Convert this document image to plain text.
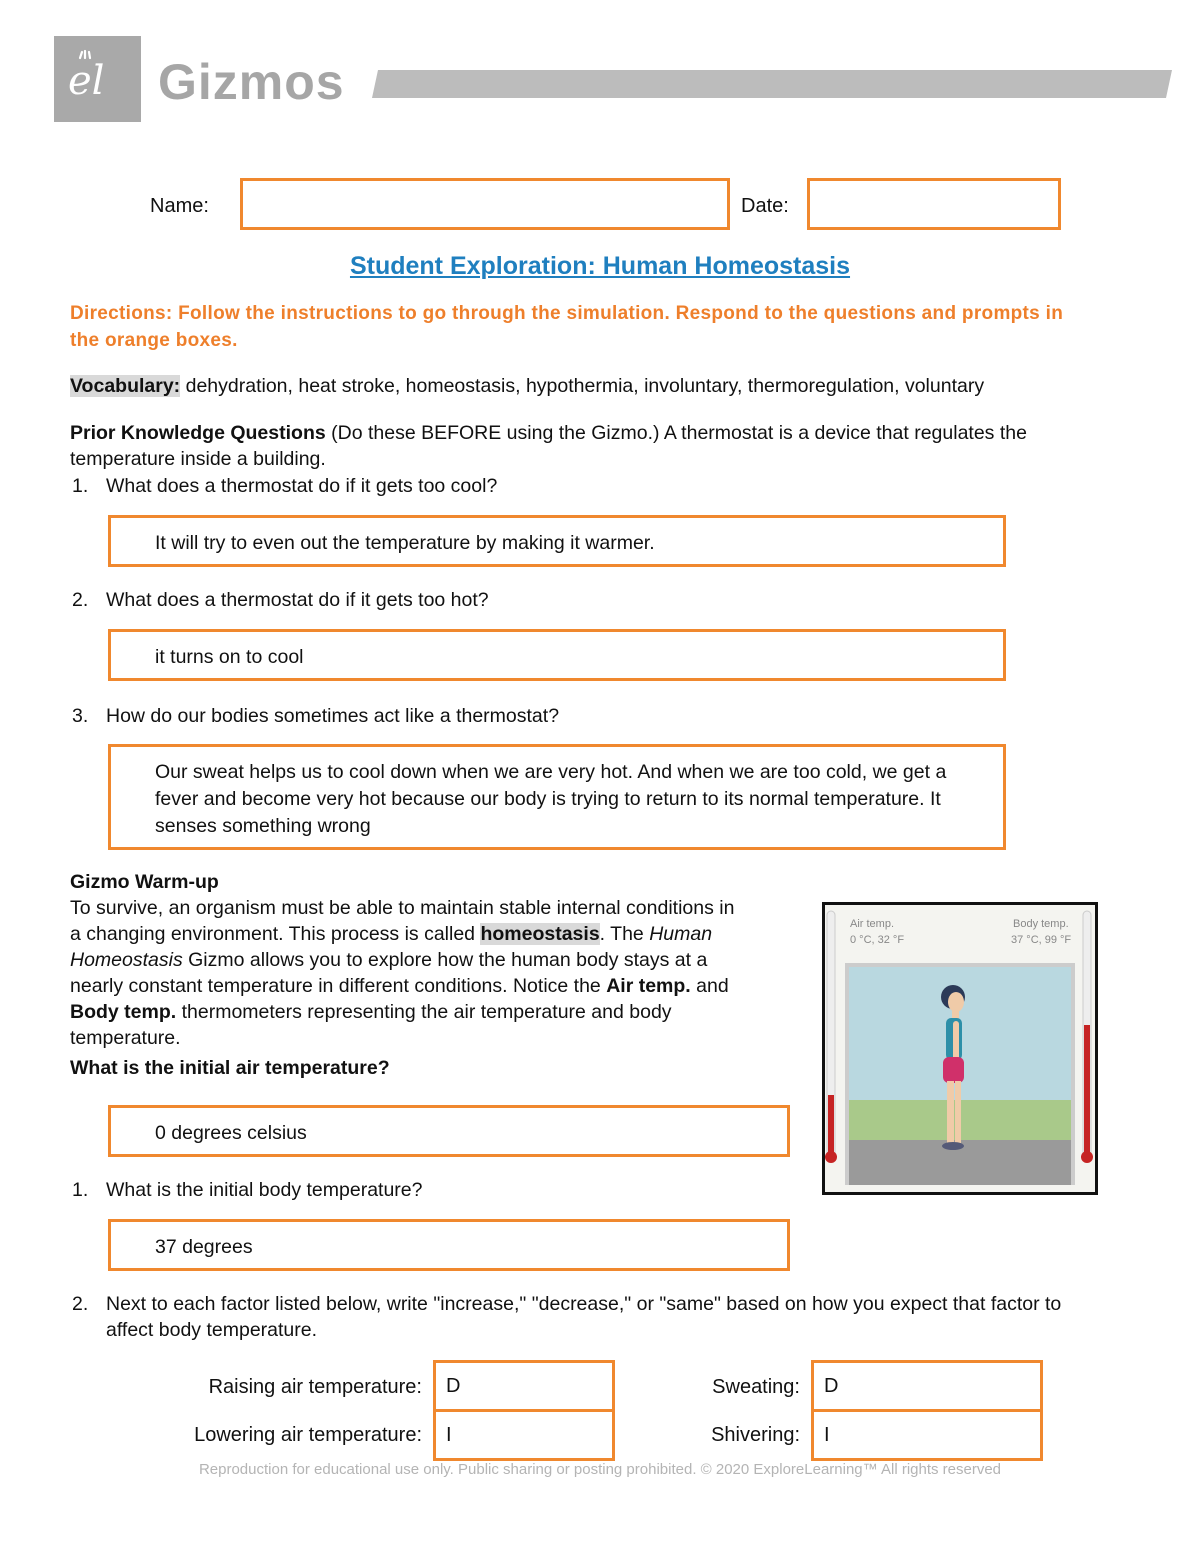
el Gizmos
Name:	Date:
Student Exploration: Human Homeostasis
Directions: Follow the instructions to go through the simulation. Respond to the questions and prompts in the orange boxes.
Vocabulary: dehydration, heat stroke, homeostasis, hypothermia, involuntary, thermoregulation, voluntary
Prior Knowledge Questions (Do these BEFORE using the Gizmo.) A thermostat is a device that regulates the temperature inside a building.
1. What does a thermostat do if it gets too cool?
It will try to even out the temperature by making it warmer.
2. What does a thermostat do if it gets too hot?
it turns on to cool
3. How do our bodies sometimes act like a thermostat?
Our sweat helps us to cool down when we are very hot. And when we are too cold, we get a fever and become very hot because our body is trying to return to its normal temperature. It senses something wrong
Gizmo Warm-up
To survive, an organism must be able to maintain stable internal conditions in a changing environment. This process is called homeostasis. The Human Homeostasis Gizmo allows you to explore how the human body stays at a nearly constant temperature in different conditions. Notice the Air temp. and Body temp. thermometers representing the air temperature and body temperature.
What is the initial air temperature?
0 degrees celsius
Air temp.
0 °C, 32 °F
Body temp.
37 °C, 99 °F
1. What is the initial body temperature?
37 degrees
2. Next to each factor listed below, write "increase," "decrease," or "same" based on how you expect that factor to affect body temperature.
Raising air temperature:	D
Lowering air temperature:	I
Sweating:	D
Shivering:	I
Reproduction for educational use only. Public sharing or posting prohibited. © 2020 ExploreLearning™ All rights reserved
